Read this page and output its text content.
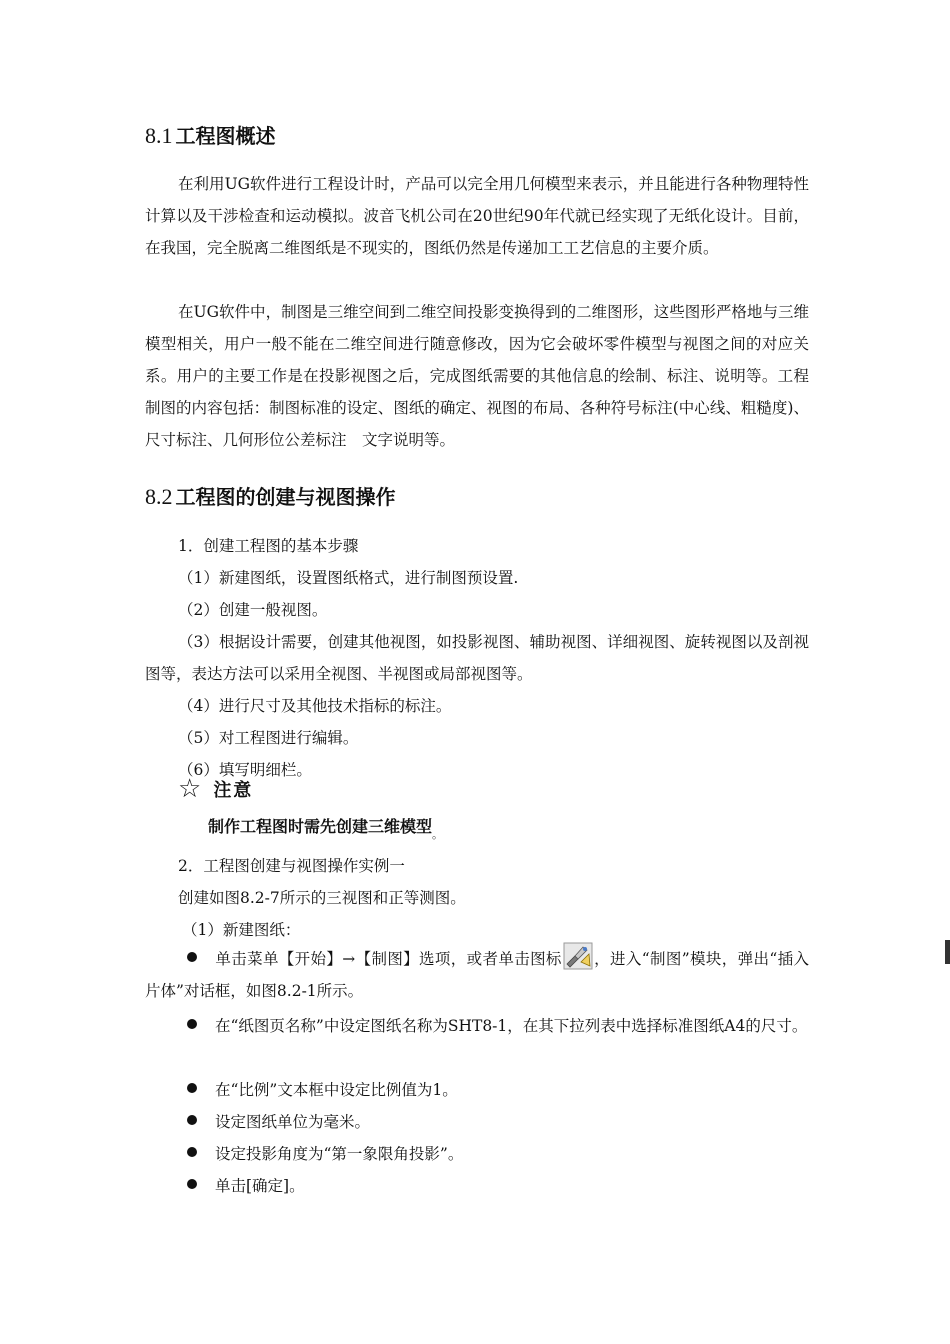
8.1 工程图概述

在利用UG软件进行工程设计时，产品可以完全用几何模型来表示，并且能进行各种物理特性计算以及干涉检查和运动模拟。波音飞机公司在20世纪90年代就已经实现了无纸化设计。目前，在我国，完全脱离二维图纸是不现实的，图纸仍然是传递加工工艺信息的主要介质。

在UG软件中，制图是三维空间到二维空间投影变换得到的二维图形，这些图形严格地与三维模型相关，用户一般不能在二维空间进行随意修改，因为它会破坏零件模型与视图之间的对应关系。用户的主要工作是在投影视图之后，完成图纸需要的其他信息的绘制、标注、说明等。工程制图的内容包括：制图标准的设定、图纸的确定、视图的布局、各种符号标注(中心线、粗糙度)、尺寸标注、几何形位公差标注　文字说明等。

8.2 工程图的创建与视图操作

1．创建工程图的基本步骤

（1）新建图纸，设置图纸格式，进行制图预设置.

（2）创建一般视图。

（3）根据设计需要，创建其他视图，如投影视图、辅助视图、详细视图、旋转视图以及剖视图等，表达方法可以采用全视图、半视图或局部视图等。

（4）进行尺寸及其他技术指标的标注。

（5）对工程图进行编辑。

（6）填写明细栏。

☆ 注意
制作工程图时需先创建三维模型$_。$

2．工程图创建与视图操作实例一

创建如图8.2-7所示的三视图和正等测图。

（1）新建图纸：

单击菜单【开始】→【制图】选项，或者单击图标 ，进入“制图”模块，弹出“插入片体”对话框，如图8.2-1所示。
在“纸图页名称”中设定图纸名称为SHT8-1，在其下拉列表中选择标准图纸A4的尺寸。
在“比例”文本框中设定比例值为1。
设定图纸单位为毫米。
设定投影角度为“第一象限角投影”。
单击[确定]。
